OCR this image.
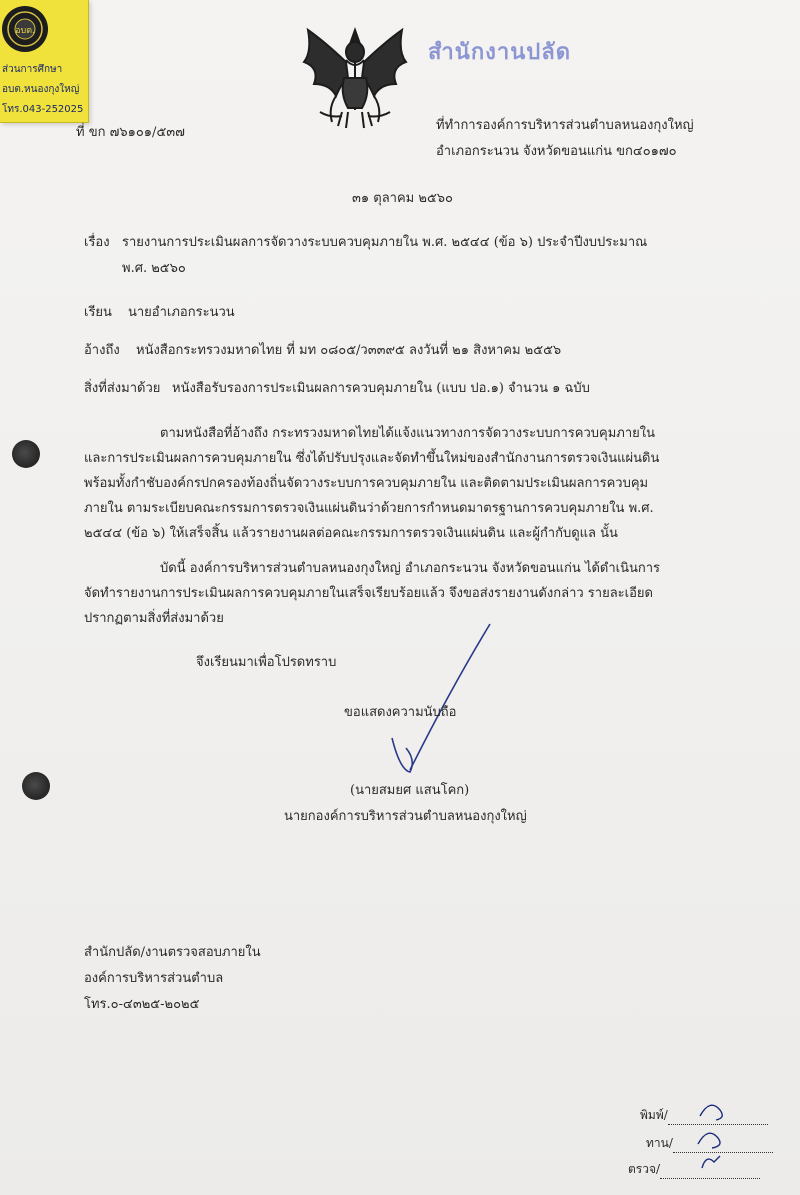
อบต.
ส่วนการศึกษา
อบต.หนองกุงใหญ่
โทร.043-252025
สำนักงานปลัด
ที่ ขก ๗๖๑๐๑/๕๓๗	ที่ทำการองค์การบริหารส่วนตำบลหนองกุงใหญ่
อำเภอกระนวน จังหวัดขอนแก่น ขก๔๐๑๗๐
๓๑ ตุลาคม ๒๕๖๐
เรื่อง รายงานการประเมินผลการจัดวางระบบควบคุมภายใน พ.ศ. ๒๕๔๔ (ข้อ ๖) ประจำปีงบประมาณ
พ.ศ. ๒๕๖๐
เรียน นายอำเภอกระนวน
อ้างถึง หนังสือกระทรวงมหาดไทย ที่ มท ๐๘๐๕/ว๓๓๙๕ ลงวันที่ ๒๑ สิงหาคม ๒๕๕๖
สิ่งที่ส่งมาด้วย หนังสือรับรองการประเมินผลการควบคุมภายใน (แบบ ปอ.๑) จำนวน ๑ ฉบับ
ตามหนังสือที่อ้างถึง กระทรวงมหาดไทยได้แจ้งแนวทางการจัดวางระบบการควบคุมภายใน
และการประเมินผลการควบคุมภายใน ซึ่งได้ปรับปรุงและจัดทำขึ้นใหม่ของสำนักงานการตรวจเงินแผ่นดิน
พร้อมทั้งกำชับองค์กรปกครองท้องถิ่นจัดวางระบบการควบคุมภายใน และติดตามประเมินผลการควบคุม
ภายใน ตามระเบียบคณะกรรมการตรวจเงินแผ่นดินว่าด้วยการกำหนดมาตรฐานการควบคุมภายใน พ.ศ.
๒๕๔๔ (ข้อ ๖) ให้เสร็จสิ้น แล้วรายงานผลต่อคณะกรรมการตรวจเงินแผ่นดิน และผู้กำกับดูแล นั้น
บัดนี้ องค์การบริหารส่วนตำบลหนองกุงใหญ่ อำเภอกระนวน จังหวัดขอนแก่น ได้ดำเนินการ
จัดทำรายงานการประเมินผลการควบคุมภายในเสร็จเรียบร้อยแล้ว จึงขอส่งรายงานดังกล่าว รายละเอียด
ปรากฏตามสิ่งที่ส่งมาด้วย
จึงเรียนมาเพื่อโปรดทราบ
ขอแสดงความนับถือ
(นายสมยศ แสนโคก)
นายกองค์การบริหารส่วนตำบลหนองกุงใหญ่
สำนักปลัด/งานตรวจสอบภายใน
องค์การบริหารส่วนตำบล
โทร.๐-๔๓๒๕-๒๐๒๕
พิมพ์/
ทาน/
ตรวจ/
